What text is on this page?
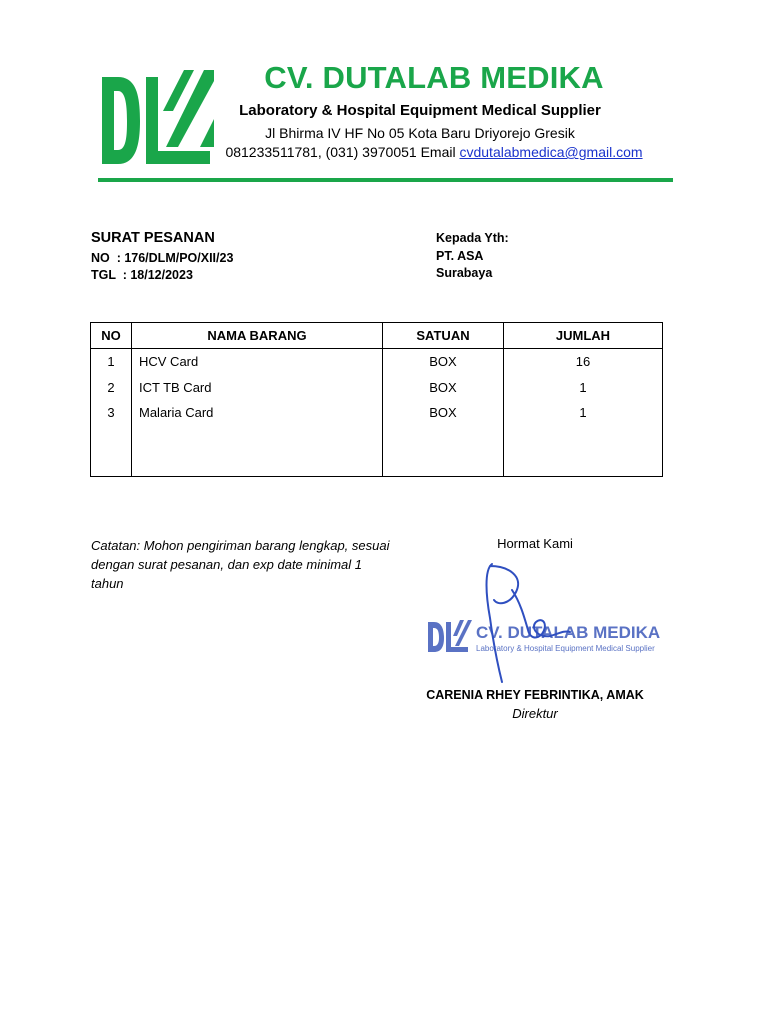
CV. DUTALAB MEDIKA
Laboratory & Hospital Equipment Medical Supplier
Jl Bhirma IV HF No 05 Kota Baru Driyorejo Gresik
081233511781, (031) 3970051 Email cvdutalabmedica@gmail.com
SURAT PESANAN
NO  : 176/DLM/PO/XII/23
TGL  : 18/12/2023
Kepada Yth:
PT. ASA
Surabaya
NO	NAMA BARANG	SATUAN	JUMLAH
1	HCV Card	BOX	16
2	ICT TB Card	BOX	1
3	Malaria Card	BOX	1

Catatan: Mohon pengiriman barang lengkap, sesuai dengan surat pesanan, dan exp date minimal 1 tahun
Hormat Kami
CV. DUTALAB MEDIKA
Laboratory & Hospital Equipment Medical Supplier
CARENIA RHEY FEBRINTIKA, AMAK
Direktur
